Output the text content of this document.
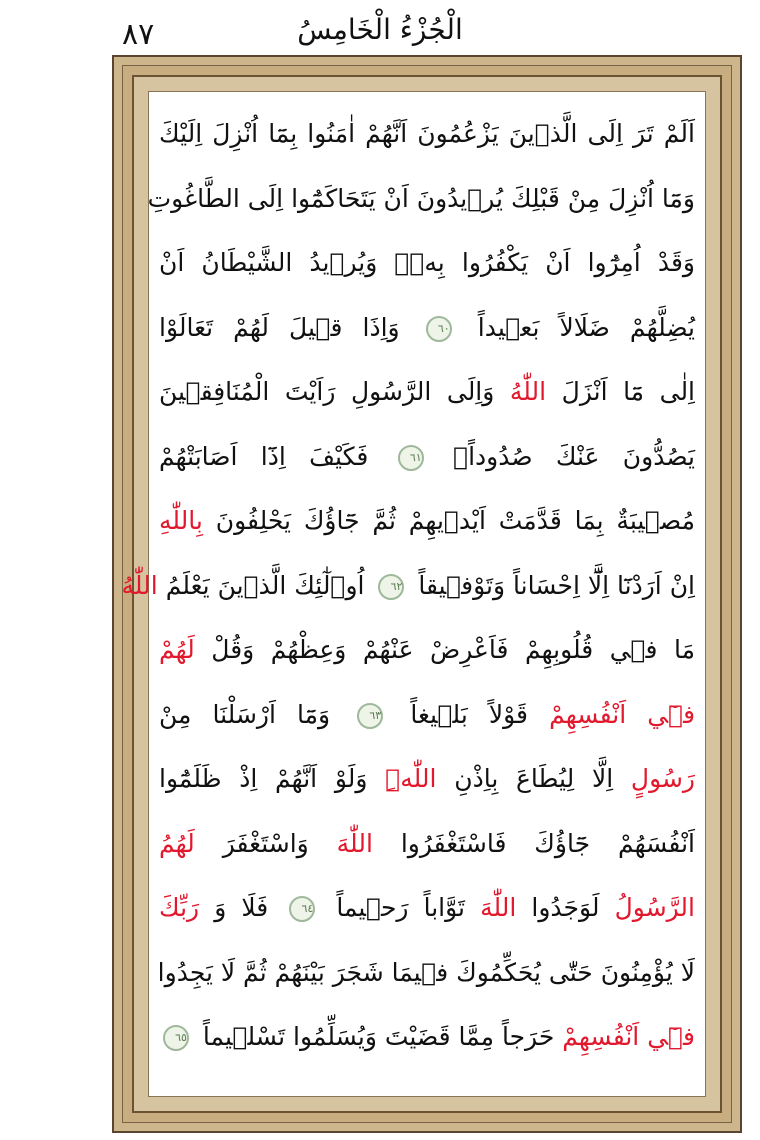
٨٧	الْجُزْءُ الْخَامِسُ
اَلَمْ تَرَ اِلَى الَّذ۪ينَ يَزْعُمُونَ اَنَّهُمْ اٰمَنُوا بِمَٓا اُنْزِلَ اِلَيْكَ
وَمَٓا اُنْزِلَ مِنْ قَبْلِكَ يُر۪يدُونَ اَنْ يَتَحَاكَمُٓوا اِلَى الطَّاغُوتِ
وَقَدْ اُمِرُٓوا اَنْ يَكْفُرُوا بِه۪ۜ وَيُر۪يدُ الشَّيْطَانُ اَنْ
يُضِلَّهُمْ ضَلَالاً بَع۪يداً ٦٠ وَاِذَا ق۪يلَ لَهُمْ تَعَالَوْا
اِلٰى مَٓا اَنْزَلَ اللّٰهُ وَاِلَى الرَّسُولِ رَاَيْتَ الْمُنَافِق۪ينَ
يَصُدُّونَ عَنْكَ صُدُوداًۚ ٦١ فَكَيْفَ اِذَٓا اَصَابَتْهُمْ
مُص۪يبَةٌ بِمَا قَدَّمَتْ اَيْد۪يهِمْ ثُمَّ جَٓاؤُكَ يَحْلِفُونَ بِاللّٰهِ
اِنْ اَرَدْنَٓا اِلَّٓا اِحْسَاناً وَتَوْف۪يقاً ٦٢ اُو۬لٰٓئِكَ الَّذ۪ينَ يَعْلَمُ اللّٰهُ
مَا ف۪ي قُلُوبِهِمْ فَاَعْرِضْ عَنْهُمْ وَعِظْهُمْ وَقُلْ لَهُمْ
ف۪ٓي اَنْفُسِهِمْ قَوْلاً بَل۪يغاً ٦٣ وَمَٓا اَرْسَلْنَا مِنْ
رَسُولٍ اِلَّا لِيُطَاعَ بِاِذْنِ اللّٰهِۜ وَلَوْ اَنَّهُمْ اِذْ ظَلَمُٓوا
اَنْفُسَهُمْ جَٓاؤُكَ فَاسْتَغْفَرُوا اللّٰهَ وَاسْتَغْفَرَ لَهُمُ
الرَّسُولُ لَوَجَدُوا اللّٰهَ تَوَّاباً رَح۪يماً ٦٤ فَلَا وَ رَبِّكَ
لَا يُؤْمِنُونَ حَتّٰى يُحَكِّمُوكَ ف۪يمَا شَجَرَ بَيْنَهُمْ ثُمَّ لَا يَجِدُوا
ف۪ٓي اَنْفُسِهِمْ حَرَجاً مِمَّا قَضَيْتَ وَيُسَلِّمُوا تَسْل۪يماً ٦٥
